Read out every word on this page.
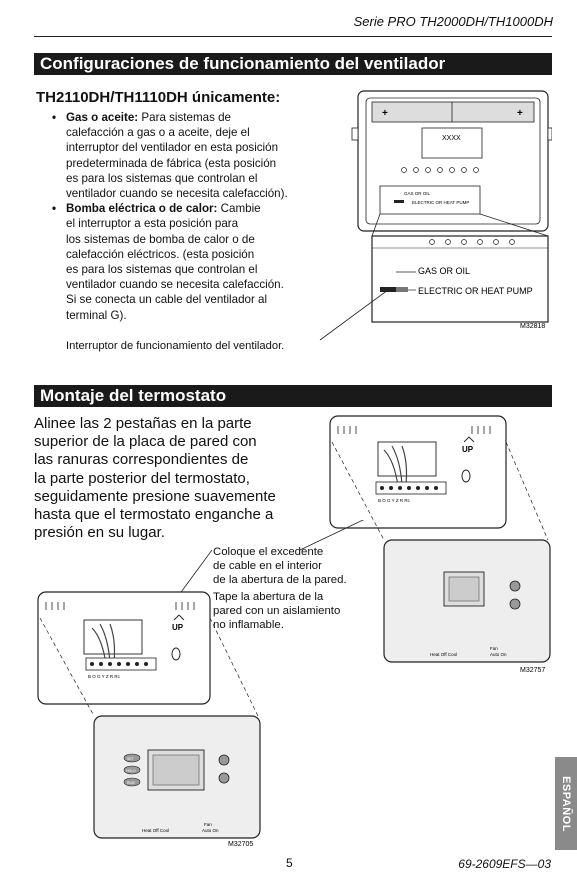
Serie PRO TH2000DH/TH1000DH
Configuraciones de funcionamiento del ventilador
TH2110DH/TH1110DH únicamente:
• Gas o aceite: Para sistemas de
calefacción a gas o a aceite, deje el
interruptor del ventilador en esta posición
predeterminada de fábrica (esta posición
es para los sistemas que controlan el
ventilador cuando se necesita calefacción).
• Bomba eléctrica o de calor: Cambie
el interruptor a esta posición para
los sistemas de bomba de calor o de
calefacción eléctricos. (esta posición
es para los sistemas que controlan el
ventilador cuando se necesita calefacción.
Si se conecta un cable del ventilador al
terminal G).
Interruptor de funcionamiento del ventilador.
+	+
XXXX
GAS OR OIL
ELECTRIC OR HEAT PUMP
GAS OR OIL
ELECTRIC OR HEAT PUMP
M32818
Montaje del termostato
Alinee las 2 pestañas en la parte
superior de la placa de pared con
las ranuras correspondientes de
la parte posterior del termostato,
seguidamente presione suavemente
hasta que el termostato enganche a
presión en su lugar.
Coloque el excedente
de cable en el interior
de la abertura de la pared.
Tape la abertura de la
pared con un aislamiento
no inflamable.
B O G Y Z R Rc
UP
Fan
Auto On
Heat Off Cool
M32757
B O G Y Z R Rc
UP
SET
HOLD
RUN
Fan
Auto On
Heat Off Cool
M32705
ESPAÑOL
5	69-2609EFS—03
